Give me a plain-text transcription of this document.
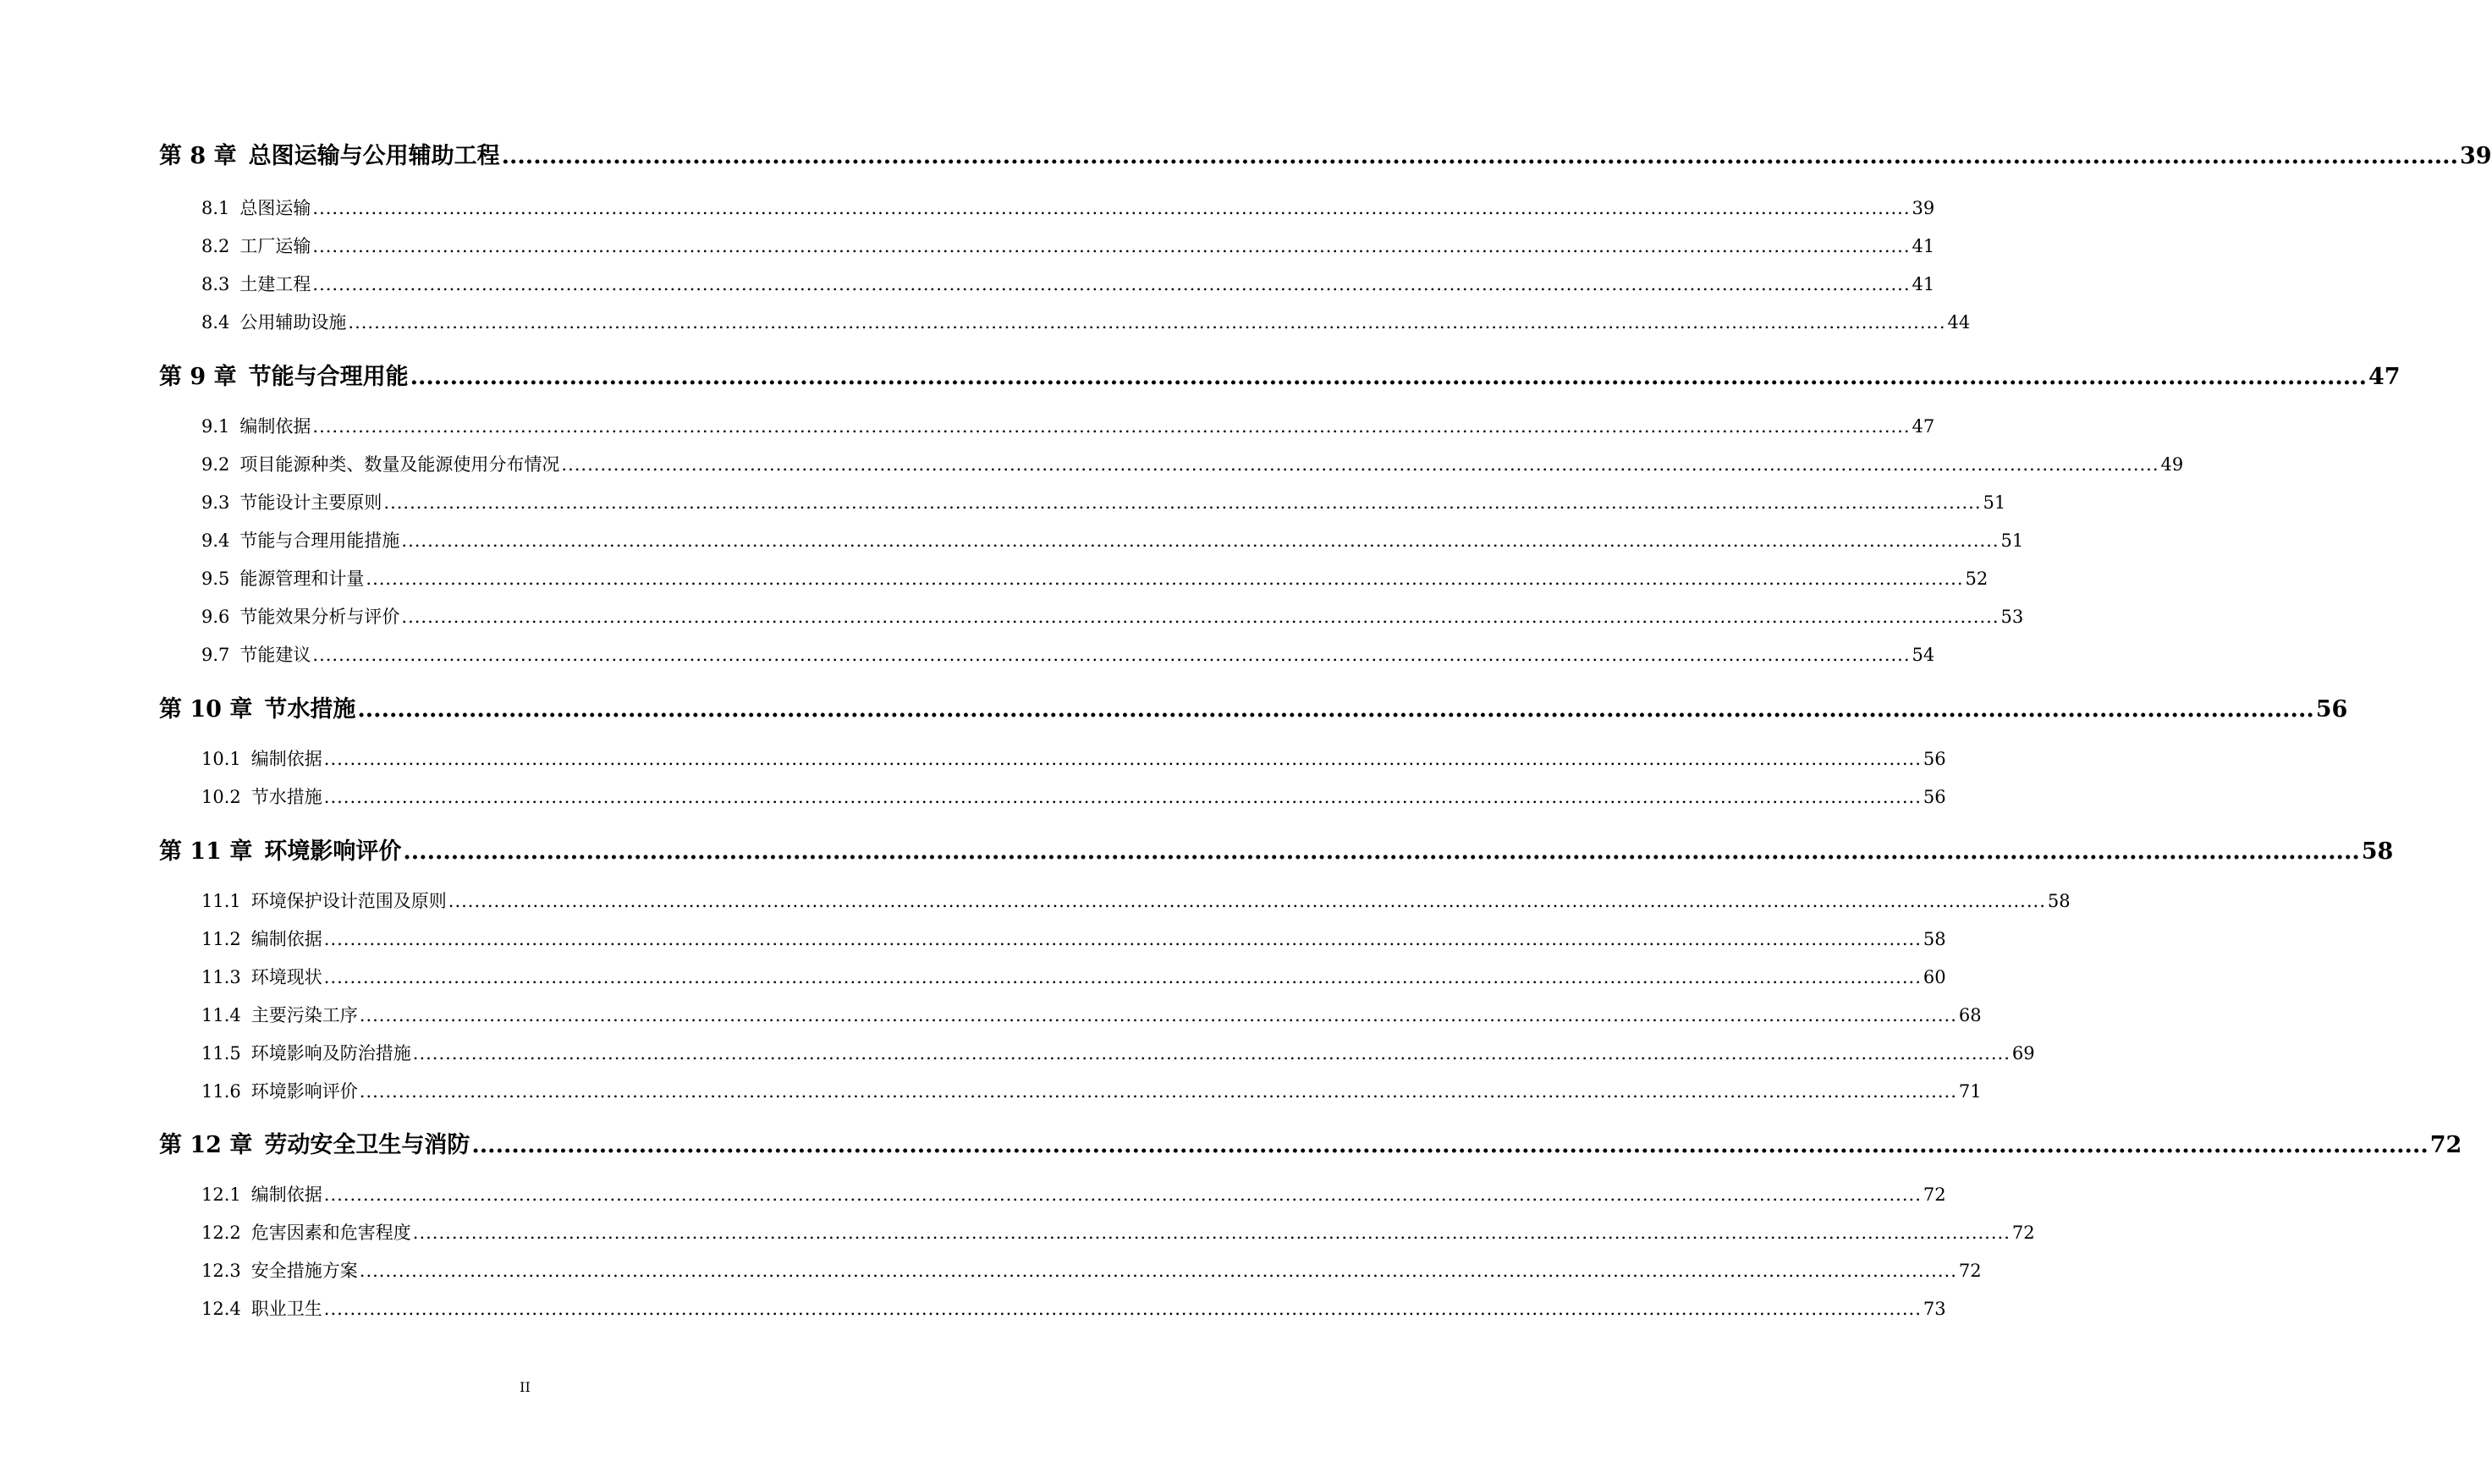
第 8 章 总图运输与公用辅助工程 ...................................................................................................................................................................................................................................................... 39
8.1 总图运输 ...................................................................................................................................................................................................................................................... 39
8.2 工厂运输 ...................................................................................................................................................................................................................................................... 41
8.3 土建工程 ...................................................................................................................................................................................................................................................... 41
8.4 公用辅助设施 ...................................................................................................................................................................................................................................................... 44
第 9 章 节能与合理用能 ...................................................................................................................................................................................................................................................... 47
9.1 编制依据 ...................................................................................................................................................................................................................................................... 47
9.2 项目能源种类、数量及能源使用分布情况 ...................................................................................................................................................................................................................................................... 49
9.3 节能设计主要原则 ...................................................................................................................................................................................................................................................... 51
9.4 节能与合理用能措施 ...................................................................................................................................................................................................................................................... 51
9.5 能源管理和计量 ...................................................................................................................................................................................................................................................... 52
9.6 节能效果分析与评价 ...................................................................................................................................................................................................................................................... 53
9.7 节能建议 ...................................................................................................................................................................................................................................................... 54
第 10 章 节水措施 ...................................................................................................................................................................................................................................................... 56
10.1 编制依据 ...................................................................................................................................................................................................................................................... 56
10.2 节水措施 ...................................................................................................................................................................................................................................................... 56
第 11 章 环境影响评价 ...................................................................................................................................................................................................................................................... 58
11.1 环境保护设计范围及原则 ...................................................................................................................................................................................................................................................... 58
11.2 编制依据 ...................................................................................................................................................................................................................................................... 58
11.3 环境现状 ...................................................................................................................................................................................................................................................... 60
11.4 主要污染工序 ...................................................................................................................................................................................................................................................... 68
11.5 环境影响及防治措施 ...................................................................................................................................................................................................................................................... 69
11.6 环境影响评价 ...................................................................................................................................................................................................................................................... 71
第 12 章 劳动安全卫生与消防 ...................................................................................................................................................................................................................................................... 72
12.1 编制依据 ...................................................................................................................................................................................................................................................... 72
12.2 危害因素和危害程度 ...................................................................................................................................................................................................................................................... 72
12.3 安全措施方案 ...................................................................................................................................................................................................................................................... 72
12.4 职业卫生 ...................................................................................................................................................................................................................................................... 73
II
